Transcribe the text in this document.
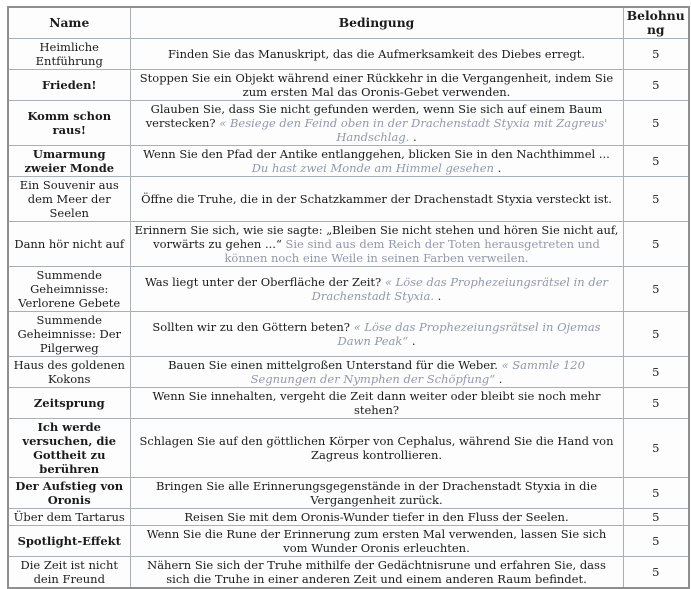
Name	Bedingung	Belohnung
Heimliche Entführung	Finden Sie das Manuskript, das die Aufmerksamkeit des Diebes erregt.	5
Frieden!	Stoppen Sie ein Objekt während einer Rückkehr in die Vergangenheit, indem Sie zum ersten Mal das Oronis-Gebet verwenden.	5
Komm schon raus!	Glauben Sie, dass Sie nicht gefunden werden, wenn Sie sich auf einem Baum verstecken? « Besiege den Feind oben in der Drachenstadt Styxia mit Zagreus' Handschlag. .	5
Umarmung zweier Monde	Wenn Sie den Pfad der Antike entlanggehen, blicken Sie in den Nachthimmel ... Du hast zwei Monde am Himmel gesehen .	5
Ein Souvenir aus dem Meer der Seelen	Öffne die Truhe, die in der Schatzkammer der Drachenstadt Styxia versteckt ist.	5
Dann hör nicht auf	Erinnern Sie sich, wie sie sagte: „Bleiben Sie nicht stehen und hören Sie nicht auf, vorwärts zu gehen ...“ Sie sind aus dem Reich der Toten herausgetreten und können noch eine Weile in seinen Farben verweilen.	5
Summende Geheimnisse: Verlorene Gebete	Was liegt unter der Oberfläche der Zeit? « Löse das Prophezeiungsrätsel in der Drachenstadt Styxia. .	5
Summende Geheimnisse: Der Pilgerweg	Sollten wir zu den Göttern beten? « Löse das Prophezeiungsrätsel in Ojemas Dawn Peak“ .	5
Haus des goldenen Kokons	Bauen Sie einen mittelgroßen Unterstand für die Weber. « Sammle 120 Segnungen der Nymphen der Schöpfung“ .	5
Zeitsprung	Wenn Sie innehalten, vergeht die Zeit dann weiter oder bleibt sie noch mehr stehen?	5
Ich werde versuchen, die Gottheit zu berühren	Schlagen Sie auf den göttlichen Körper von Cephalus, während Sie die Hand von Zagreus kontrollieren.	5
Der Aufstieg von Oronis	Bringen Sie alle Erinnerungsgegenstände in der Drachenstadt Styxia in die Vergangenheit zurück.	5
Über dem Tartarus	Reisen Sie mit dem Oronis-Wunder tiefer in den Fluss der Seelen.	5
Spotlight-Effekt	Wenn Sie die Rune der Erinnerung zum ersten Mal verwenden, lassen Sie sich vom Wunder Oronis erleuchten.	5
Die Zeit ist nicht dein Freund	Nähern Sie sich der Truhe mithilfe der Gedächtnisrune und erfahren Sie, dass sich die Truhe in einer anderen Zeit und einem anderen Raum befindet.	5
